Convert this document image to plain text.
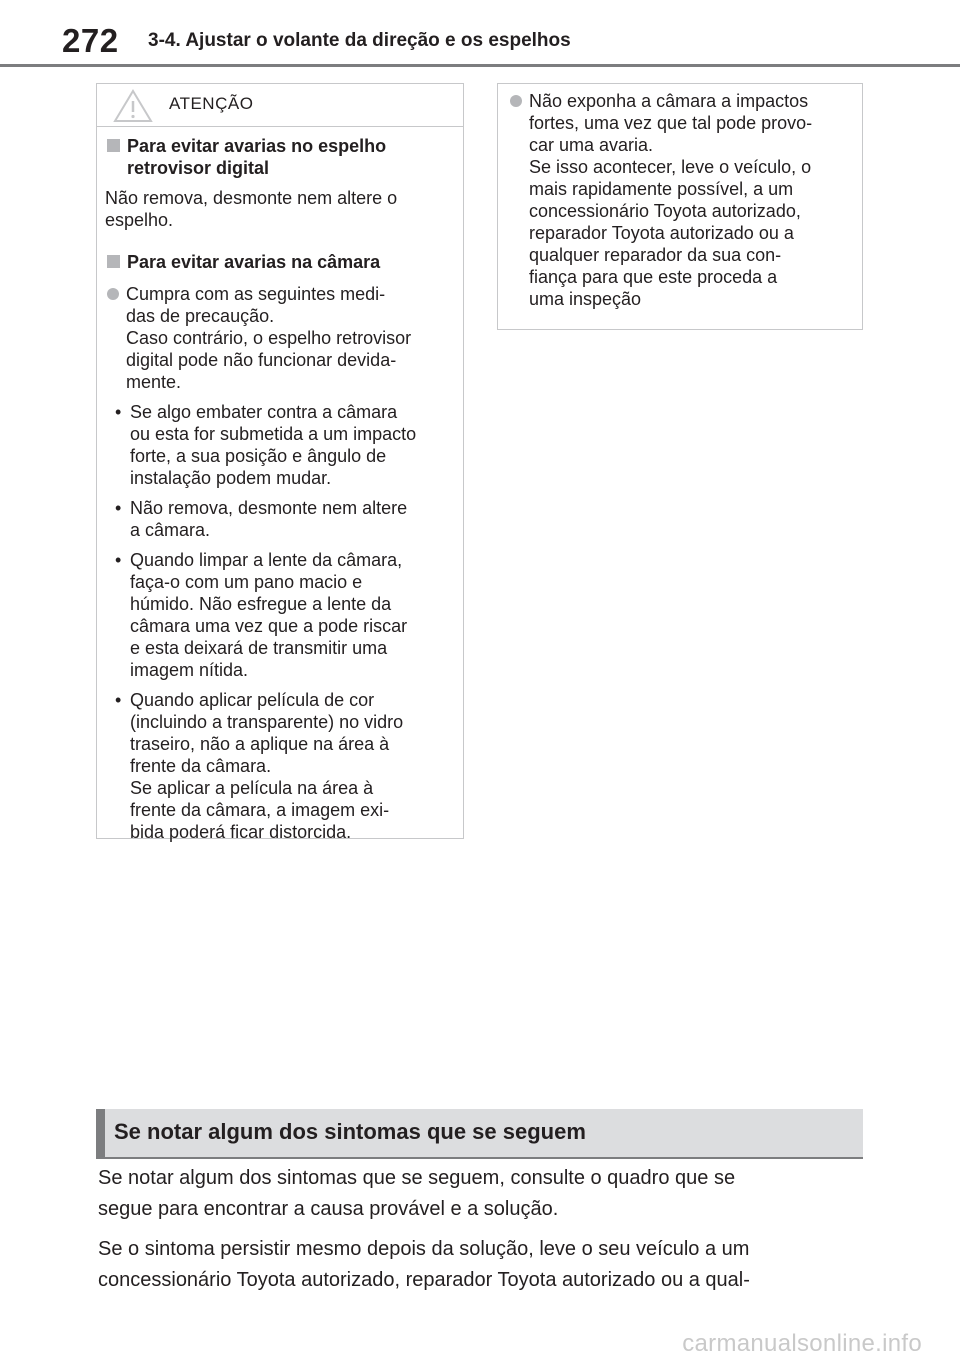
272 3-4. Ajustar o volante da direção e os espelhos
ATENÇÃO
Para evitar avarias no espelho
retrovisor digital

Não remova, desmonte nem altere o
espelho.

Para evitar avarias na câmara
Cumpra com as seguintes medi-
das de precaução.
Caso contrário, o espelho retrovisor
digital pode não funcionar devida-
mente.
• Se algo embater contra a câmara
ou esta for submetida a um impacto
forte, a sua posição e ângulo de
instalação podem mudar.
• Não remova, desmonte nem altere
a câmara.
• Quando limpar a lente da câmara,
faça-o com um pano macio e
húmido. Não esfregue a lente da
câmara uma vez que a pode riscar
e esta deixará de transmitir uma
imagem nítida.
• Quando aplicar película de cor
(incluindo a transparente) no vidro
traseiro, não a aplique na área à
frente da câmara.
Se aplicar a película na área à
frente da câmara, a imagem exi-
bida poderá ficar distorcida.
Não exponha a câmara a impactos
fortes, uma vez que tal pode provo-
car uma avaria.
Se isso acontecer, leve o veículo, o
mais rapidamente possível, a um
concessionário Toyota autorizado,
reparador Toyota autorizado ou a
qualquer reparador da sua con-
fiança para que este proceda a
uma inspeção
Se notar algum dos sintomas que se seguem
Se notar algum dos sintomas que se seguem, consulte o quadro que se
segue para encontrar a causa provável e a solução.
Se o sintoma persistir mesmo depois da solução, leve o seu veículo a um
concessionário Toyota autorizado, reparador Toyota autorizado ou a qual-
carmanualsonline.info
